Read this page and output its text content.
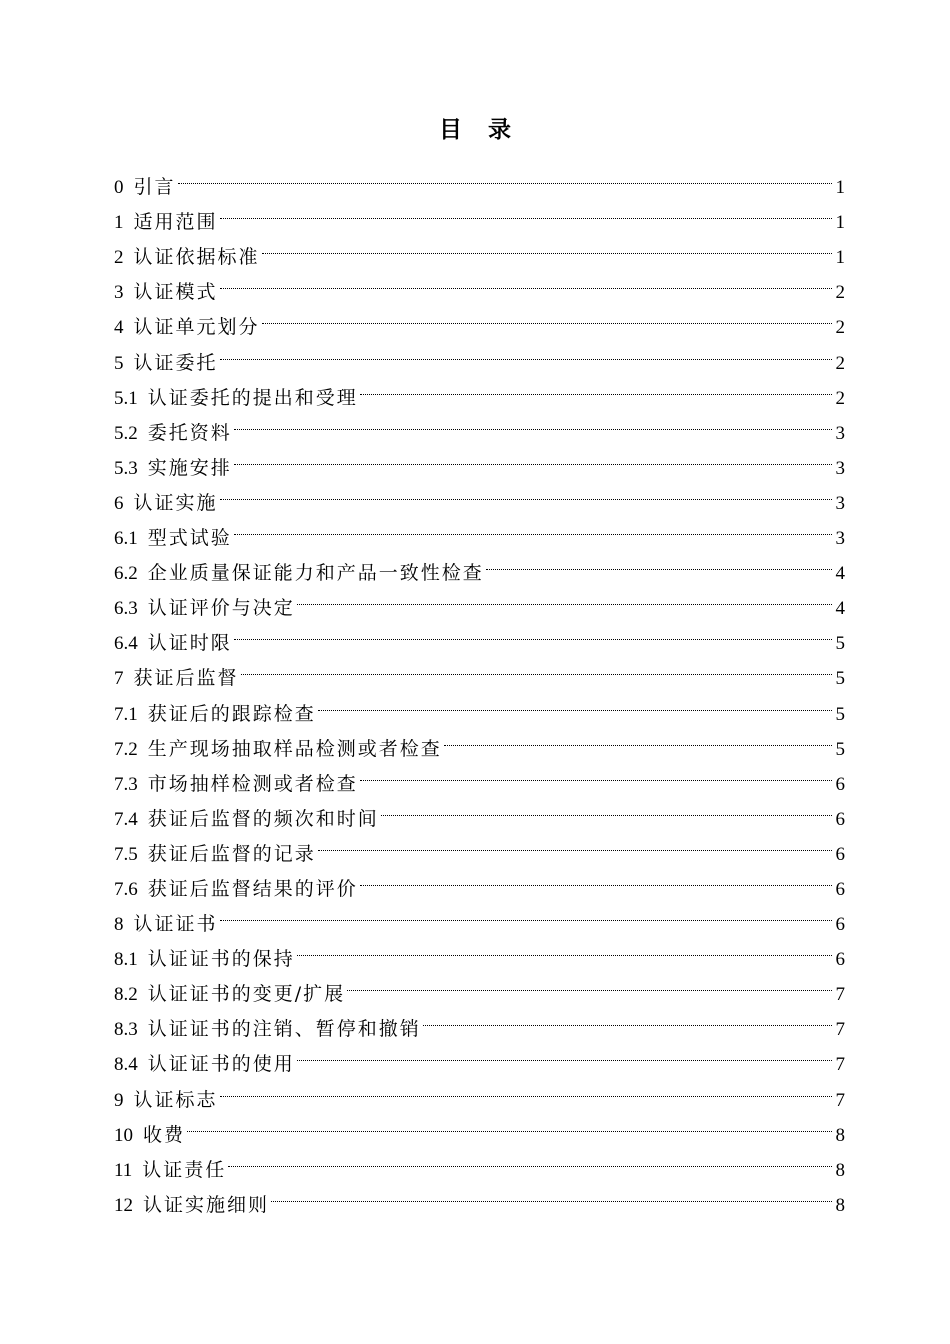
目录
0 引言	1
1 适用范围	1
2 认证依据标准	1
3 认证模式	2
4 认证单元划分	2
5 认证委托	2
5.1 认证委托的提出和受理	2
5.2 委托资料	3
5.3 实施安排	3
6 认证实施	3
6.1 型式试验	3
6.2 企业质量保证能力和产品一致性检查	4
6.3 认证评价与决定	4
6.4 认证时限	5
7 获证后监督	5
7.1 获证后的跟踪检查	5
7.2 生产现场抽取样品检测或者检查	5
7.3 市场抽样检测或者检查	6
7.4 获证后监督的频次和时间	6
7.5 获证后监督的记录	6
7.6 获证后监督结果的评价	6
8 认证证书	6
8.1 认证证书的保持	6
8.2 认证证书的变更/扩展	7
8.3 认证证书的注销、暂停和撤销	7
8.4 认证证书的使用	7
9 认证标志	7
10 收费	8
11 认证责任	8
12 认证实施细则	8
